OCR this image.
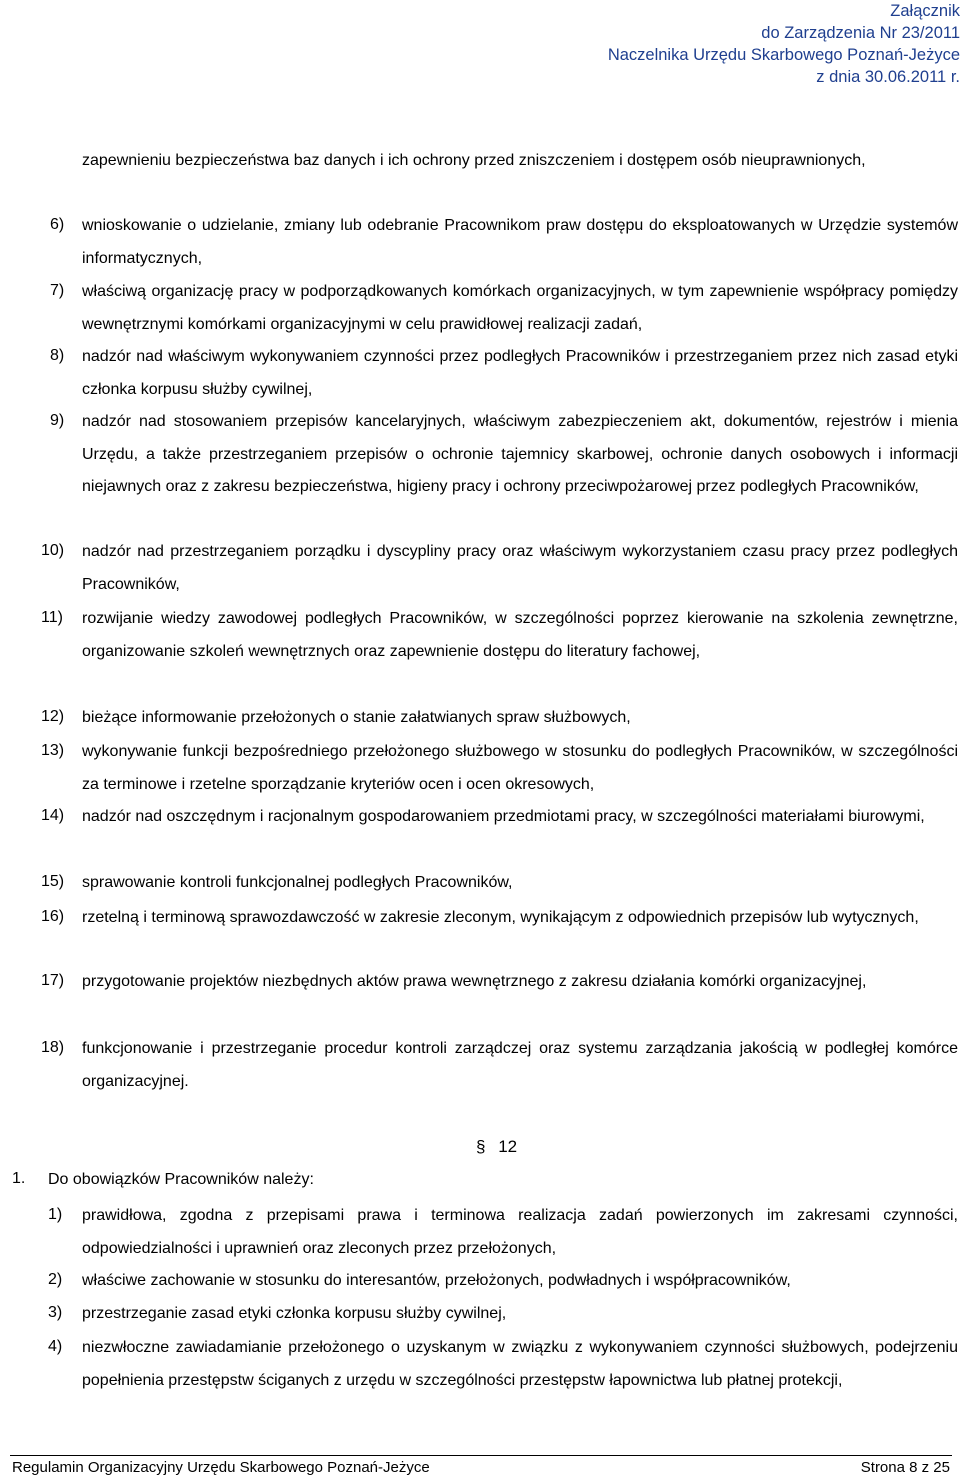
Załącznik
do Zarządzenia Nr 23/2011
Naczelnika Urzędu Skarbowego Poznań-Jeżyce
z dnia 30.06.2011 r.
zapewnieniu bezpieczeństwa baz danych i ich ochrony przed zniszczeniem i dostępem osób nieuprawnionych,
6) wnioskowanie o udzielanie, zmiany lub odebranie Pracownikom praw dostępu do eksploatowanych w Urzędzie systemów informatycznych,
7) właściwą organizację pracy w podporządkowanych komórkach organizacyjnych, w tym zapewnienie współpracy pomiędzy wewnętrznymi komórkami organizacyjnymi w celu prawidłowej realizacji zadań,
8) nadzór nad właściwym wykonywaniem czynności przez podległych Pracowników i przestrzeganiem przez nich zasad etyki członka korpusu służby cywilnej,
9) nadzór nad stosowaniem przepisów kancelaryjnych, właściwym zabezpieczeniem akt, dokumentów, rejestrów i mienia Urzędu, a także przestrzeganiem przepisów o ochronie tajemnicy skarbowej, ochronie danych osobowych i informacji niejawnych oraz z zakresu bezpieczeństwa, higieny pracy i ochrony przeciwpożarowej przez podległych Pracowników,
10) nadzór nad przestrzeganiem porządku i dyscypliny pracy oraz właściwym wykorzystaniem czasu pracy przez podległych Pracowników,
11) rozwijanie wiedzy zawodowej podległych Pracowników, w szczególności poprzez kierowanie na szkolenia zewnętrzne, organizowanie szkoleń wewnętrznych oraz zapewnienie dostępu do literatury fachowej,
12) bieżące informowanie przełożonych o stanie załatwianych spraw służbowych,
13) wykonywanie funkcji bezpośredniego przełożonego służbowego w stosunku do podległych Pracowników, w szczególności za terminowe i rzetelne sporządzanie kryteriów ocen i ocen okresowych,
14) nadzór nad oszczędnym i racjonalnym gospodarowaniem przedmiotami pracy, w szczególności materiałami biurowymi,
15) sprawowanie kontroli funkcjonalnej podległych Pracowników,
16) rzetelną i terminową sprawozdawczość w zakresie zleconym, wynikającym z odpowiednich przepisów lub wytycznych,
17) przygotowanie projektów niezbędnych aktów prawa wewnętrznego z zakresu działania komórki organizacyjnej,
18) funkcjonowanie i przestrzeganie procedur kontroli zarządczej oraz systemu zarządzania jakością w podległej komórce organizacyjnej.
§ 12
1. Do obowiązków Pracowników należy:
1) prawidłowa, zgodna z przepisami prawa i terminowa realizacja zadań powierzonych im zakresami czynności, odpowiedzialności i uprawnień oraz zleconych przez przełożonych,
2) właściwe zachowanie w stosunku do interesantów, przełożonych, podwładnych i współpracowników,
3) przestrzeganie zasad etyki członka korpusu służby cywilnej,
4) niezwłoczne zawiadamianie przełożonego o uzyskanym w związku z wykonywaniem czynności służbowych, podejrzeniu popełnienia przestępstw ściganych z urzędu w szczególności przestępstw łapownictwa lub płatnej protekcji,
Regulamin Organizacyjny Urzędu Skarbowego Poznań-Jeżyce	Strona 8 z 25
